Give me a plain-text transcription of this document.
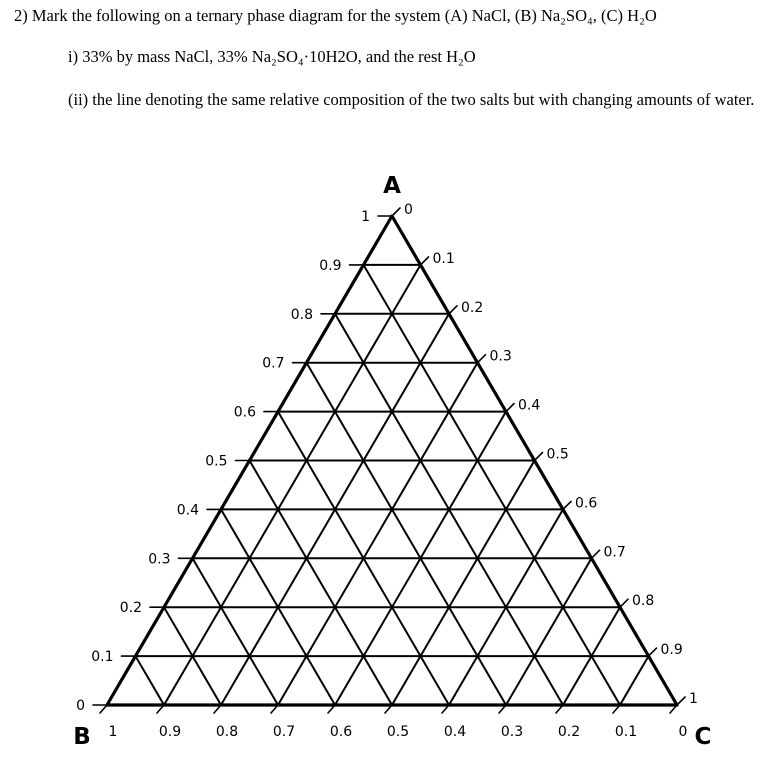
2) Mark the following on a ternary phase diagram for the system (A) NaCl, (B) Na₂SO₄, (C) H₂O
i) 33% by mass NaCl, 33% Na₂SO₄·10H2O, and the rest H₂O
(ii) the line denoting the same relative composition of the two salts but with changing amounts of water.
0
0
1
0.1
0.1
0.9
0.2
0.2
0.8
0.3
0.3
0.7
0.4
0.4
0.6
0.5	0.5
0.5
0.6
0.6
0.4
0.7
0.7
0.3
0.8
0.8
0.2
0.9
0.9
0.1
1
1
0
A
B	C
